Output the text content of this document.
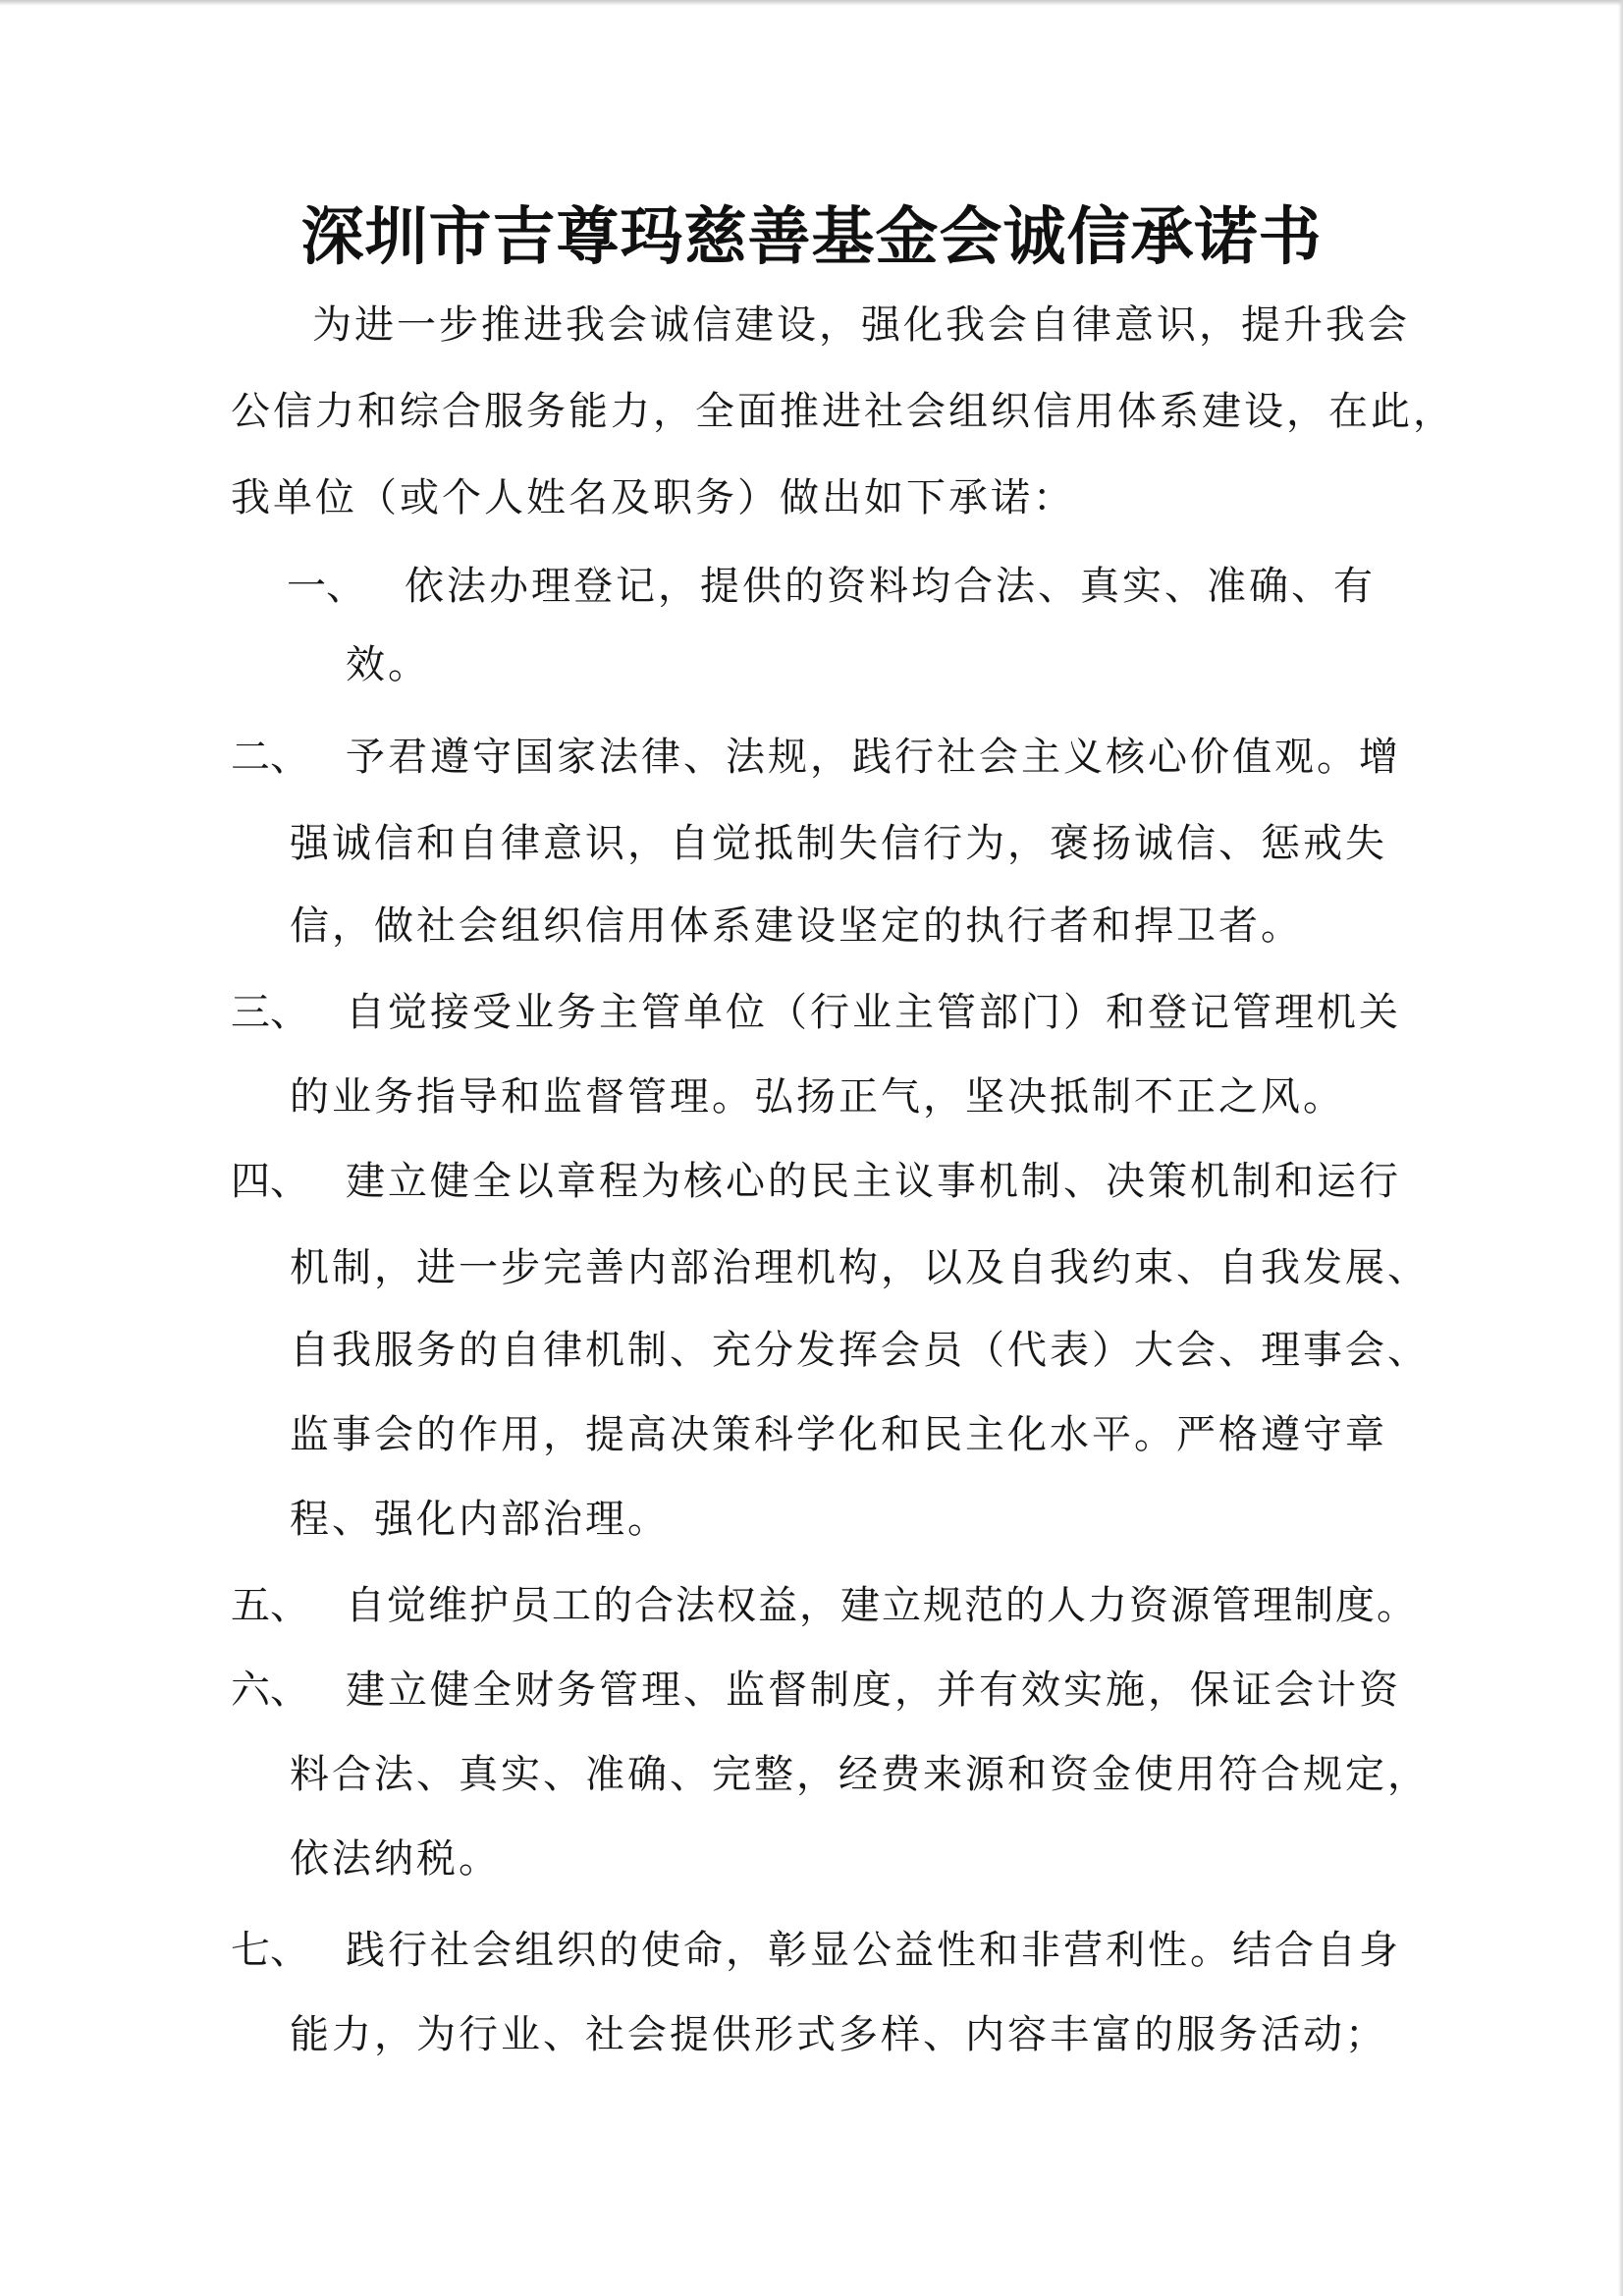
深圳市吉尊玛慈善基金会诚信承诺书
为进一步推进我会诚信建设，强化我会自律意识，提升我会
公信力和综合服务能力，全面推进社会组织信用体系建设，在此，
我单位（或个人姓名及职务）做出如下承诺：
一、 依法办理登记，提供的资料均合法、真实、准确、有
效。
二、 予君遵守国家法律、法规，践行社会主义核心价值观。增
强诚信和自律意识，自觉抵制失信行为，褒扬诚信、惩戒失
信，做社会组织信用体系建设坚定的执行者和捍卫者。
三、 自觉接受业务主管单位（行业主管部门）和登记管理机关
的业务指导和监督管理。弘扬正气，坚决抵制不正之风。
四、 建立健全以章程为核心的民主议事机制、决策机制和运行
机制，进一步完善内部治理机构，以及自我约束、自我发展、
自我服务的自律机制、充分发挥会员（代表）大会、理事会、
监事会的作用，提高决策科学化和民主化水平。严格遵守章
程、强化内部治理。
五、 自觉维护员工的合法权益，建立规范的人力资源管理制度。
六、 建立健全财务管理、监督制度，并有效实施，保证会计资
料合法、真实、准确、完整，经费来源和资金使用符合规定，
依法纳税。
七、 践行社会组织的使命，彰显公益性和非营利性。结合自身
能力，为行业、社会提供形式多样、内容丰富的服务活动；
